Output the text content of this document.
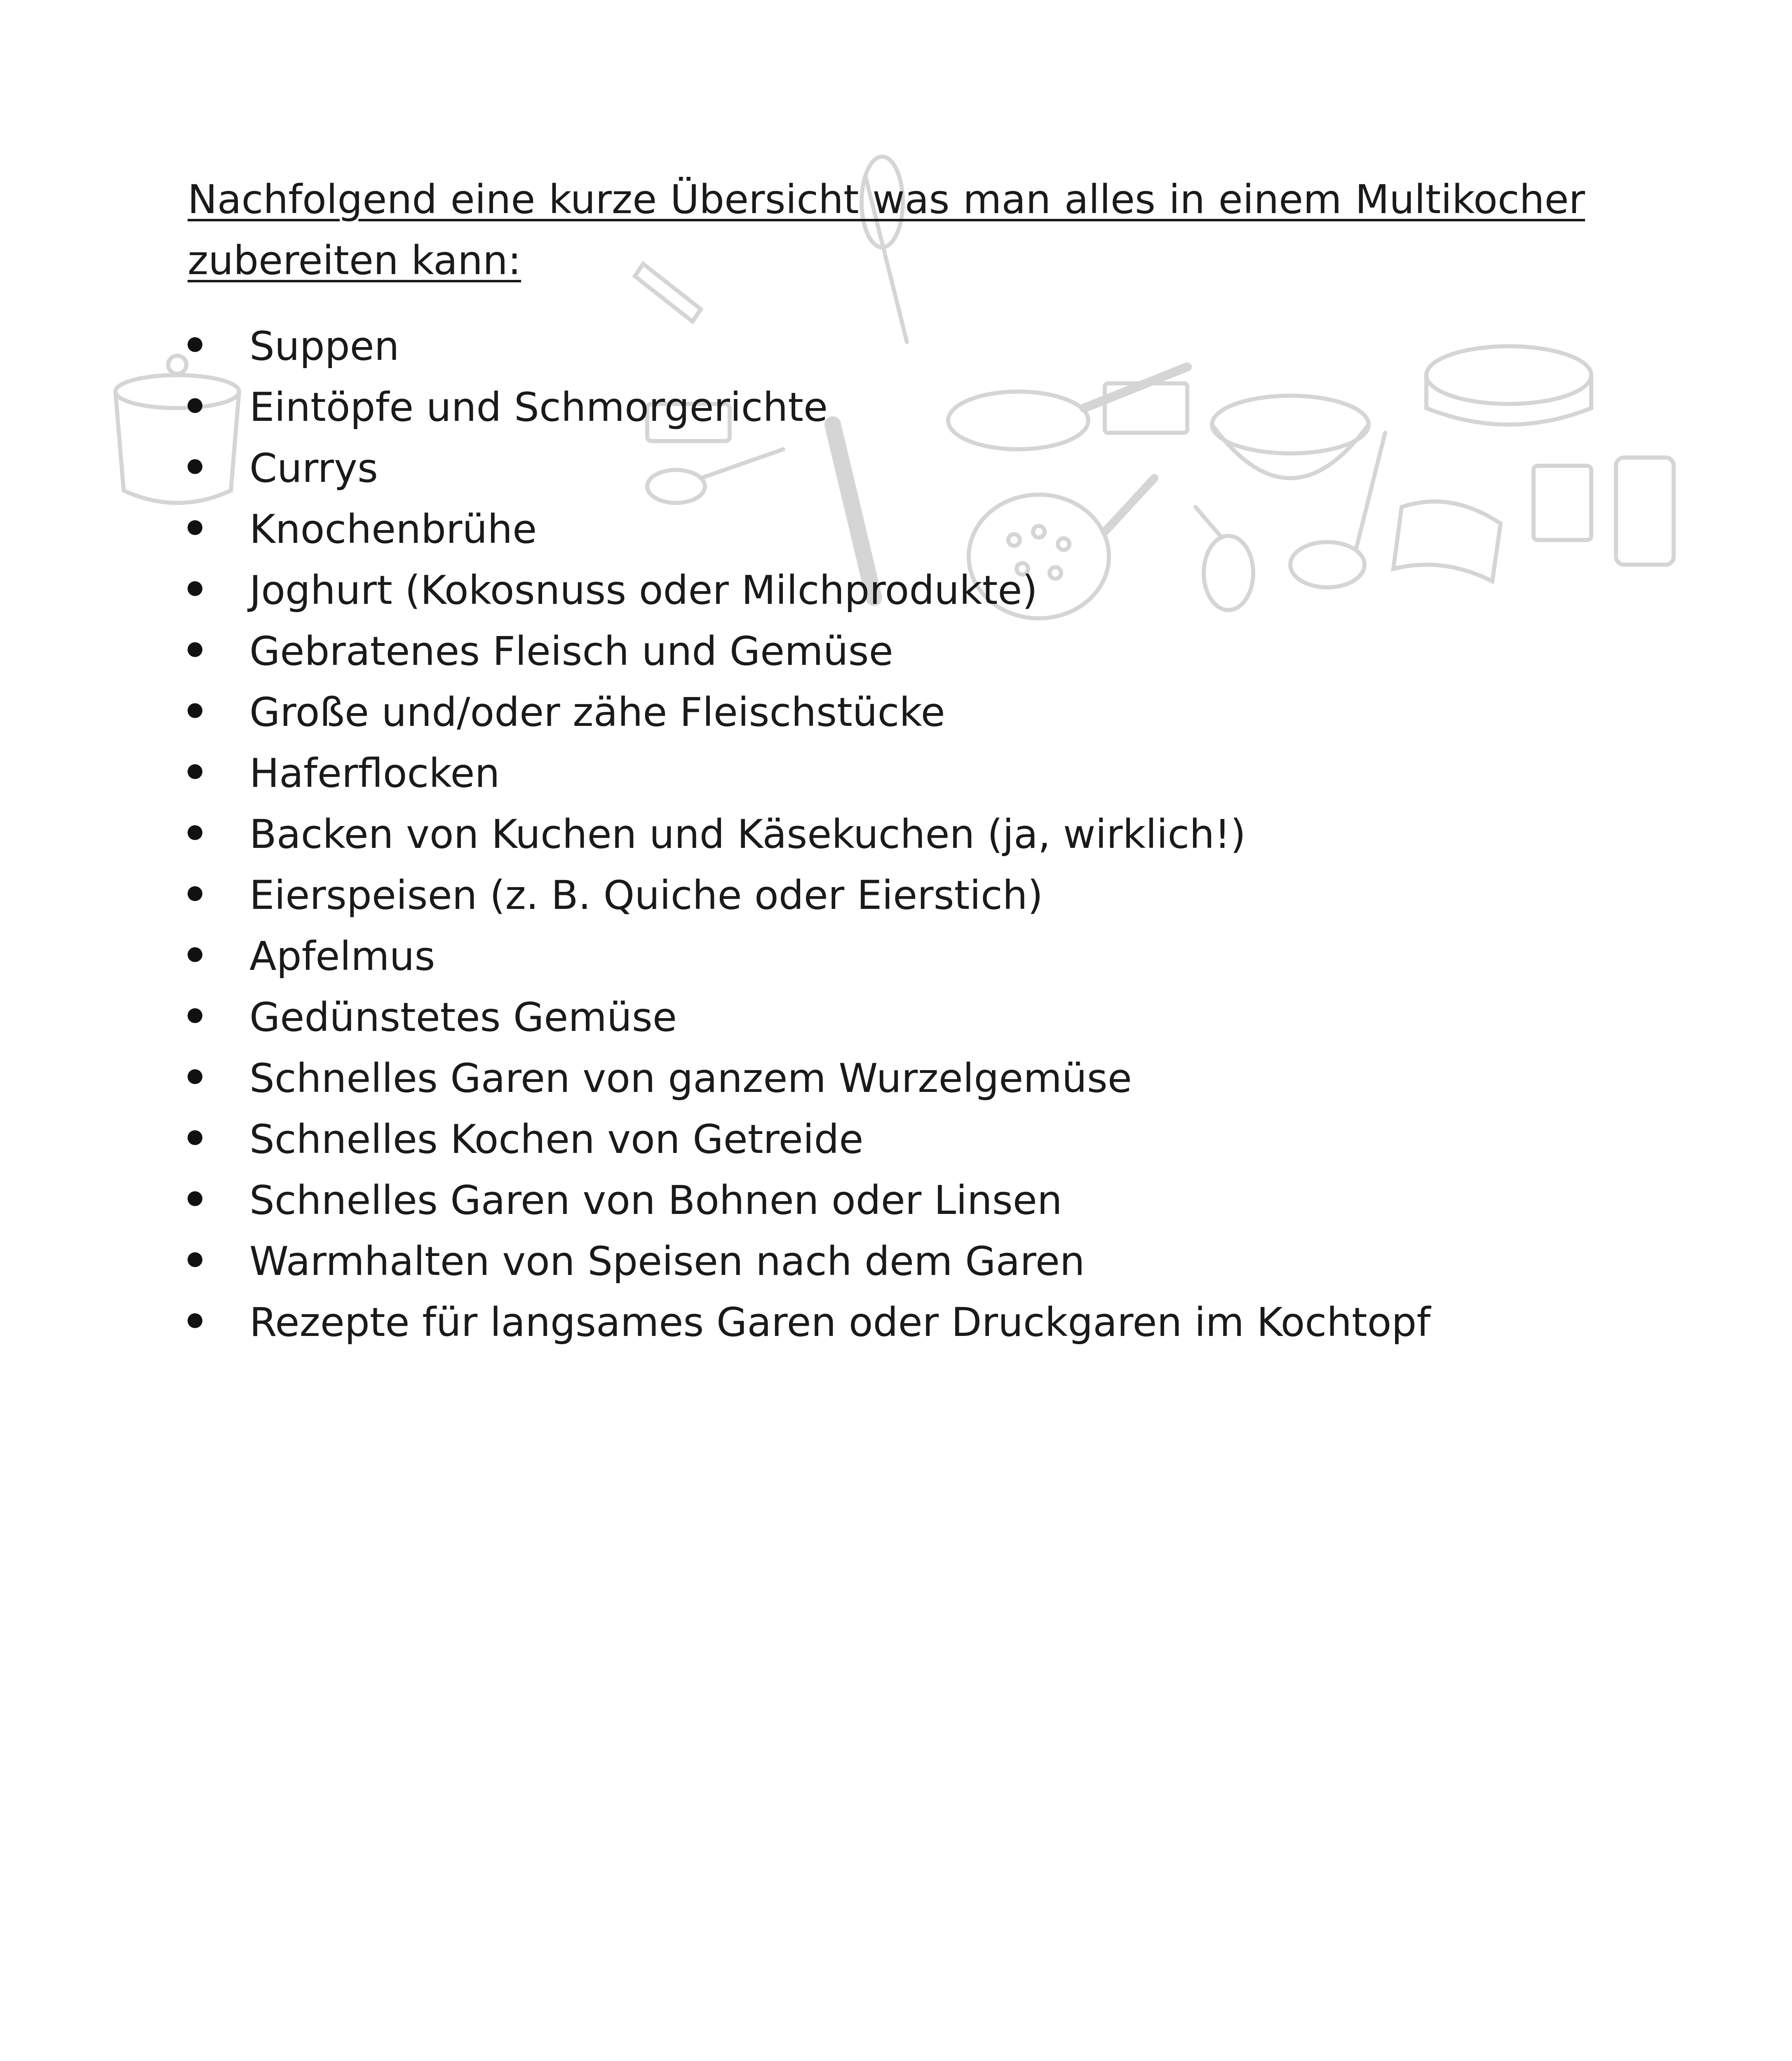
Nachfolgend eine kurze Übersicht was man alles in einem Multikocher zubereiten kann:
Suppen
Eintöpfe und Schmorgerichte
Currys
Knochenbrühe
Joghurt (Kokosnuss oder Milchprodukte)
Gebratenes Fleisch und Gemüse
Große und/oder zähe Fleischstücke
Haferflocken
Backen von Kuchen und Käsekuchen (ja, wirklich!)
Eierspeisen (z. B. Quiche oder Eierstich)
Apfelmus
Gedünstetes Gemüse
Schnelles Garen von ganzem Wurzelgemüse
Schnelles Kochen von Getreide
Schnelles Garen von Bohnen oder Linsen
Warmhalten von Speisen nach dem Garen
Rezepte für langsames Garen oder Druckgaren im Kochtopf
